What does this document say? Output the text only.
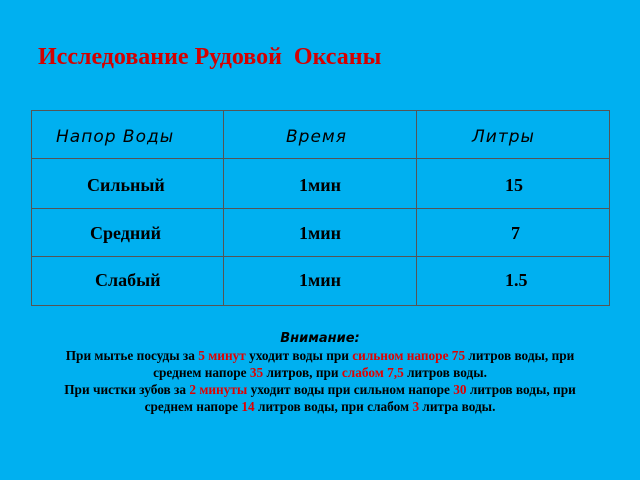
Исследование Рудовой  Оксаны
Напор Воды	Время	Литры

Сильный	1мин	15

Средний	1мин	7

Слабый	1мин	1.5
Внимание:

При мытье посуды за 5 минут уходит воды при сильном напоре 75 литров воды, при среднем напоре 35 литров, при слабом 7,5 литров воды.

При чистки зубов за 2 минуты уходит воды при сильном напоре 30 литров воды, при среднем напоре 14 литров воды, при слабом 3 литра воды.
